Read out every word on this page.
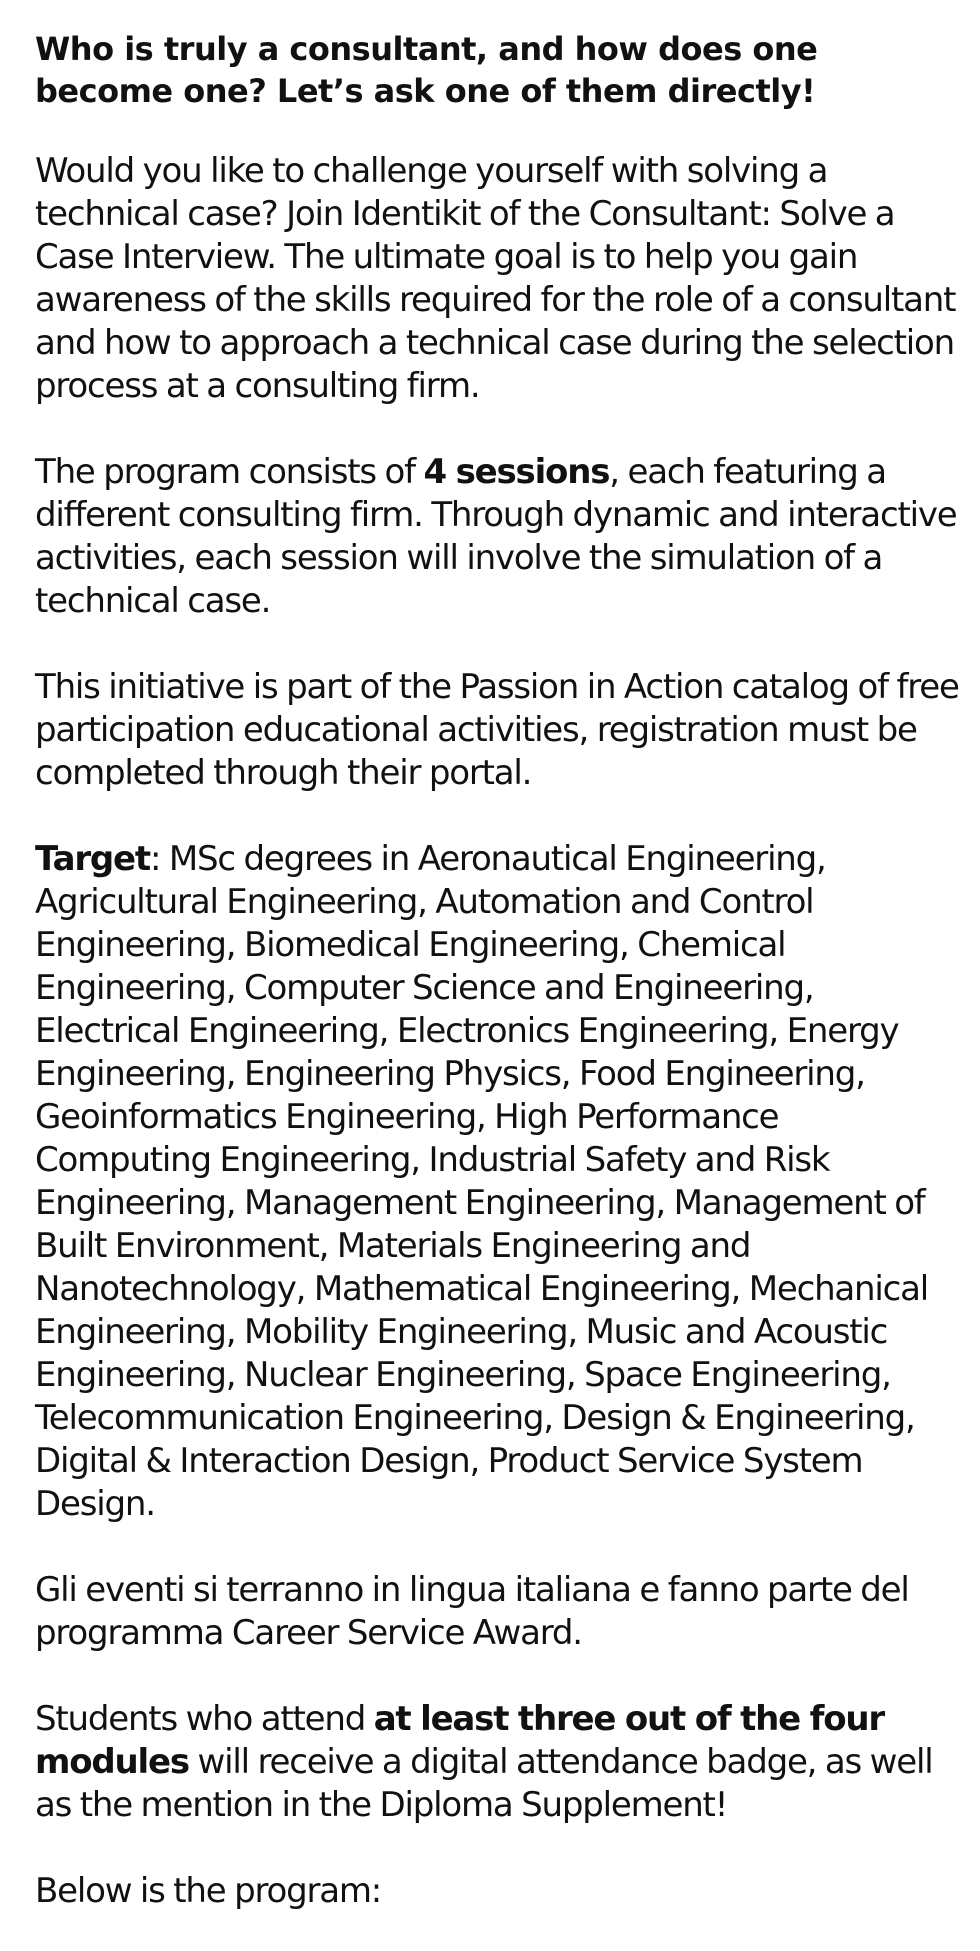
Who is truly a consultant, and how does one become one? Let’s ask one of them directly!

Would you like to challenge yourself with solving a technical case? Join Identikit of the Consultant: Solve a Case Interview. The ultimate goal is to help you gain awareness of the skills required for the role of a consultant and how to approach a technical case during the selection process at a consulting firm.

The program consists of 4 sessions, each featuring a different consulting firm. Through dynamic and interactive activities, each session will involve the simulation of a technical case.

This initiative is part of the Passion in Action catalog of free participation educational activities, registration must be completed through their portal.

Target: MSc degrees in Aeronautical Engineering, Agricultural Engineering, Automation and Control Engineering, Biomedical Engineering, Chemical Engineering, Computer Science and Engineering, Electrical Engineering, Electronics Engineering, Energy Engineering, Engineering Physics, Food Engineering, Geoinformatics Engineering, High Performance Computing Engineering, Industrial Safety and Risk Engineering, Management Engineering, Management of Built Environment, Materials Engineering and Nanotechnology, Mathematical Engineering, Mechanical Engineering, Mobility Engineering, Music and Acoustic Engineering, Nuclear Engineering, Space Engineering, Telecommunication Engineering, Design & Engineering, Digital & Interaction Design, Product Service System Design.

Gli eventi si terranno in lingua italiana e fanno parte del programma Career Service Award.

Students who attend at least three out of the four modules will receive a digital attendance badge, as well as the mention in the Diploma Supplement!

Below is the program:
